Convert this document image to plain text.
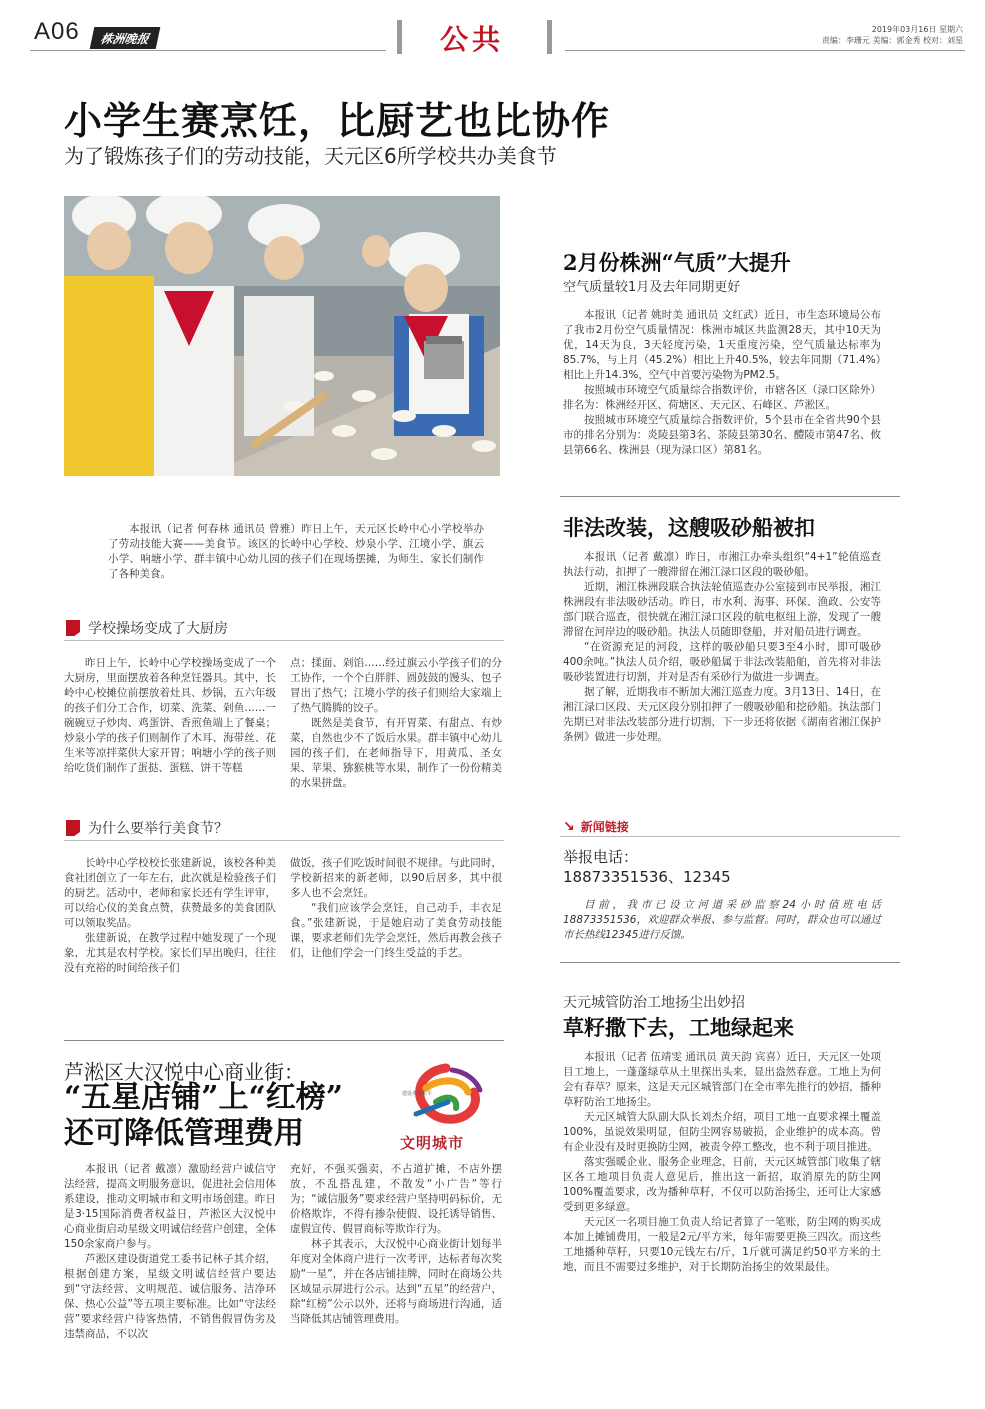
A06	株洲晚报	公共	2019年03月16日 星期六
责编：李珊元 美编：郭金秀 校对：刘星
小学生赛烹饪，比厨艺也比协作
为了锻炼孩子们的劳动技能，天元区6所学校共办美食节

本报讯（记者 何春林 通讯员 曾雅）昨日上午，天元区长岭中心小学校举办了劳动技能大赛——美食节。该区的长岭中心学校、炒泉小学、江境小学、旗云小学、响塘小学、群丰镇中心幼儿园的孩子们在现场摆摊，为师生、家长们制作了各种美食。

学校操场变成了大厨房

昨日上午，长岭中心学校操场变成了一个大厨房，里面摆放着各种烹饪器具。其中，长岭中心校摊位前摆放着灶具、炒锅，五六年级的孩子们分工合作，切菜、洗菜、剁鱼……一碗碗豆子炒肉、鸡蛋饼、香煎鱼端上了餐桌；炒泉小学的孩子们则制作了木耳、海带丝、花生米等凉拌菜供大家开胃；响塘小学的孩子则给吃货们制作了蛋挞、蛋糕、饼干等糕

点；揉面、剁馅……经过旗云小学孩子们的分工协作，一个个白胖胖、圆鼓鼓的馒头、包子冒出了热气；江境小学的孩子们则给大家端上了热气腾腾的饺子。

既然是美食节，有开胃菜、有甜点、有炒菜，自然也少不了饭后水果。群丰镇中心幼儿园的孩子们，在老师指导下，用黄瓜、圣女果、苹果、猕猴桃等水果，制作了一份份精美的水果拼盘。

为什么要举行美食节？

长岭中心学校校长张建新说，该校各种美食社团创立了一年左右，此次就是检验孩子们的厨艺。活动中，老师和家长还有学生评审，可以给心仪的美食点赞，获赞最多的美食团队可以领取奖品。

张建新说，在教学过程中她发现了一个现象，尤其是农村学校。家长们早出晚归，往往没有充裕的时间给孩子们

做饭，孩子们吃饭时间很不规律。与此同时，学校新招来的新老师，以90后居多，其中很多人也不会烹饪。

“我们应该学会烹饪，自己动手，丰衣足食。”张建新说，于是她启动了美食劳动技能课，要求老师们先学会烹饪，然后再教会孩子们，让他们学会一门终生受益的手艺。

芦淞区大汉悦中心商业街：
“五星店铺”上“红榜”
还可降低管理费用
建设更高水平
文明城市

本报讯（记者 戴凛）激励经营户诚信守法经营，提高文明服务意识，促进社会信用体系建设，推动文明城市和文明市场创建。昨日是3·15国际消费者权益日，芦淞区大汉悦中心商业街启动星级文明诚信经营户创建，全体150余家商户参与。

芦淞区建设街道党工委书记林子其介绍，根据创建方案，星级文明诚信经营户要达到“守法经营、文明规范、诚信服务、洁净环保、热心公益”等五项主要标准。比如“守法经营”要求经营户待客热情，不销售假冒伪劣及违禁商品，不以次

充好，不强买强卖，不占道扩摊，不店外摆放，不乱搭乱建，不散发“小广告”等行为；“诚信服务”要求经营户坚持明码标价，无价格欺诈，不得有掺杂使假、设托诱导销售、虚假宣传、假冒商标等欺诈行为。

林子其表示，大汉悦中心商业街计划每半年度对全体商户进行一次考评，达标者每次奖励“一星”，并在各店铺挂牌，同时在商场公共区域显示屏进行公示。达到“五星”的经营户，除“红榜”公示以外，还将与商场进行沟通，适当降低其店铺管理费用。

2月份株洲“气质”大提升
空气质量较1月及去年同期更好

本报讯（记者 姚时美 通讯员 文红武）近日，市生态环境局公布了我市2月份空气质量情况：株洲市城区共监测28天，其中10天为优，14天为良，3天轻度污染，1天重度污染，空气质量达标率为85.7%，与上月（45.2%）相比上升40.5%，较去年同期（71.4%）相比上升14.3%，空气中首要污染物为PM2.5。

按照城市环境空气质量综合指数评价，市辖各区（渌口区除外）排名为：株洲经开区、荷塘区、天元区、石峰区、芦淞区。

按照城市环境空气质量综合指数评价，5个县市在全省共90个县市的排名分别为：炎陵县第3名、茶陵县第30名、醴陵市第47名、攸县第66名、株洲县（现为渌口区）第81名。

非法改装，这艘吸砂船被扣

本报讯（记者 戴凛）昨日，市湘江办牵头组织“4+1”轮值巡查执法行动，扣押了一艘滞留在湘江渌口区段的吸砂船。

近期，湘江株洲段联合执法轮值巡查办公室接到市民举报，湘江株洲段有非法吸砂活动。昨日，市水利、海事、环保、渔政、公安等部门联合巡查，很快就在湘江渌口区段的航电枢纽上游，发现了一艘滞留在河岸边的吸砂船。执法人员随即登船，并对船员进行调查。

“在资源充足的河段，这样的吸砂船只要3至4小时，即可吸砂400余吨。”执法人员介绍，吸砂船属于非法改装船舶，首先将对非法吸砂装置进行切割，并对是否有采砂行为做进一步调查。

据了解，近期我市不断加大湘江巡查力度。3月13日、14日，在湘江渌口区段、天元区段分别扣押了一艘吸砂船和挖砂船。执法部门先期已对非法改装部分进行切割，下一步还将依据《湖南省湘江保护条例》做进一步处理。

↘ 新闻链接
举报电话：
18873351536、12345

目前，我市已设立河道采砂监察24小时值班电话18873351536，欢迎群众举报、参与监督。同时，群众也可以通过市长热线12345进行反馈。

天元城管防治工地扬尘出妙招
草籽撒下去，工地绿起来

本报讯（记者 伍靖雯 通讯员 黄天韵 宾喜）近日，天元区一处项目工地上，一蓬蓬绿草从土里探出头来，显出盎然春意。工地上为何会有春草？原来，这是天元区城管部门在全市率先推行的妙招，播种草籽防治工地扬尘。

天元区城管大队副大队长刘杰介绍，项目工地一直要求裸土覆盖100%，虽说效果明显，但防尘网容易破损，企业维护的成本高。曾有企业没有及时更换防尘网，被责令停工整改，也不利于项目推进。

落实强暖企业、服务企业理念，日前，天元区城管部门收集了辖区各工地项目负责人意见后，推出这一新招，取消原先的防尘网100%覆盖要求，改为播种草籽，不仅可以防治扬尘，还可让大家感受到更多绿意。

天元区一名项目施工负责人给记者算了一笔账，防尘网的购买成本加上摊铺费用，一般是2元/平方米，每年需要更换三四次。而这些工地播种草籽，只要10元钱左右/斤，1斤就可满足约50平方米的土地，而且不需要过多维护，对于长期防治扬尘的效果最佳。
